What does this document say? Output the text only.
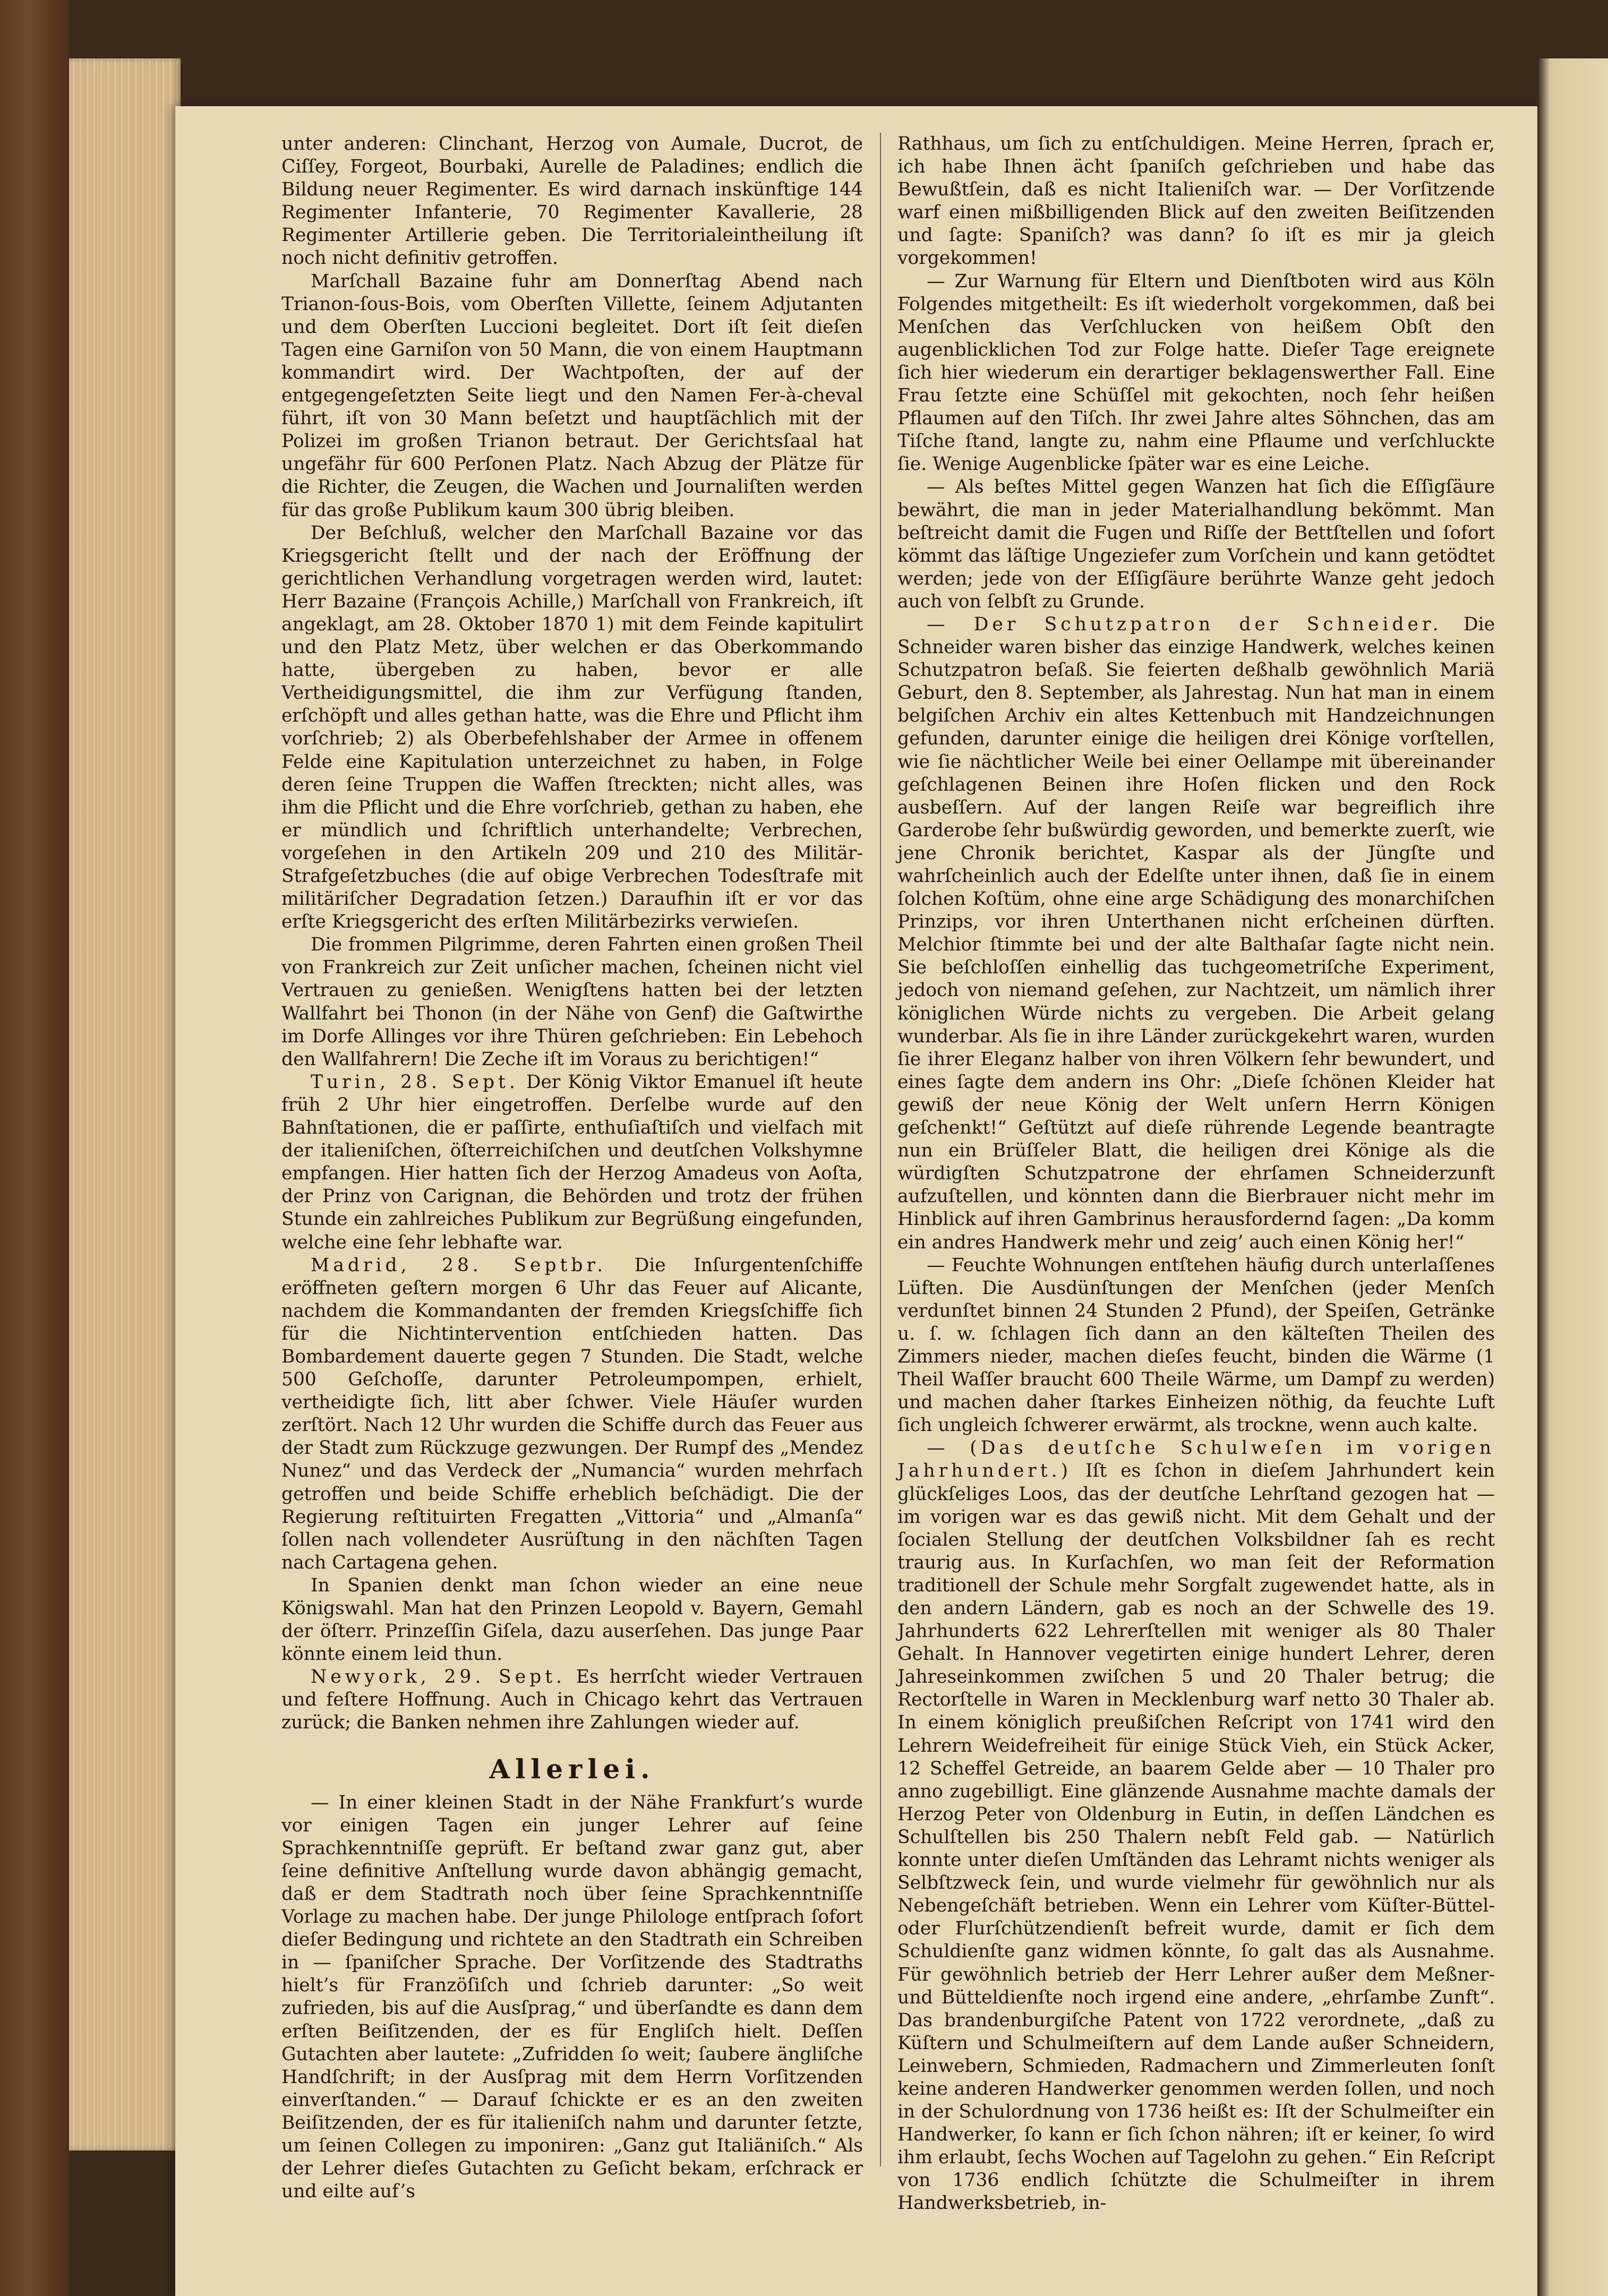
unter anderen: Clinchant, Herzog von Aumale, Ducrot, de Ciſſey, Forgeot, Bourbaki, Aurelle de Paladines; endlich die Bildung neuer Regimenter. Es wird darnach inskünftige 144 Regimenter Infanterie, 70 Regimenter Kavallerie, 28 Regimenter Artillerie geben. Die Territorialeintheilung iſt noch nicht definitiv getroffen.

Marſchall Bazaine fuhr am Donnerſtag Abend nach Trianon-ſous-Bois, vom Oberſten Villette, ſeinem Adjutanten und dem Oberſten Luccioni begleitet. Dort iſt ſeit dieſen Tagen eine Garniſon von 50 Mann, die von einem Hauptmann kommandirt wird. Der Wachtpoſten, der auf der entgegengeſetzten Seite liegt und den Namen Fer-à-cheval führt, iſt von 30 Mann beſetzt und hauptſächlich mit der Polizei im großen Trianon betraut. Der Gerichtsſaal hat ungefähr für 600 Perſonen Platz. Nach Abzug der Plätze für die Richter, die Zeugen, die Wachen und Journaliſten werden für das große Publikum kaum 300 übrig bleiben.

Der Beſchluß, welcher den Marſchall Bazaine vor das Kriegsgericht ſtellt und der nach der Eröffnung der gerichtlichen Verhandlung vorgetragen werden wird, lautet: Herr Bazaine (François Achille,) Marſchall von Frankreich, iſt angeklagt, am 28. Oktober 1870 1) mit dem Feinde kapitulirt und den Platz Metz, über welchen er das Oberkommando hatte, übergeben zu haben, bevor er alle Vertheidigungsmittel, die ihm zur Verfügung ſtanden, erſchöpft und alles gethan hatte, was die Ehre und Pflicht ihm vorſchrieb; 2) als Oberbefehlshaber der Armee in offenem Felde eine Kapitulation unterzeichnet zu haben, in Folge deren ſeine Truppen die Waffen ſtreckten; nicht alles, was ihm die Pflicht und die Ehre vorſchrieb, gethan zu haben, ehe er mündlich und ſchriftlich unterhandelte; Verbrechen, vorgeſehen in den Artikeln 209 und 210 des Militär-Strafgeſetzbuches (die auf obige Verbrechen Todesſtrafe mit militäriſcher Degradation ſetzen.) Daraufhin iſt er vor das erſte Kriegsgericht des erſten Militärbezirks verwieſen.

Die frommen Pilgrimme, deren Fahrten einen großen Theil von Frankreich zur Zeit unſicher machen, ſcheinen nicht viel Vertrauen zu genießen. Wenigſtens hatten bei der letzten Wallfahrt bei Thonon (in der Nähe von Genf) die Gaſtwirthe im Dorfe Allinges vor ihre Thüren geſchrieben: Ein Lebehoch den Wallfahrern! Die Zeche iſt im Voraus zu berichtigen!“

Turin, 28. Sept. Der König Viktor Emanuel iſt heute früh 2 Uhr hier eingetroffen. Derſelbe wurde auf den Bahnſtationen, die er paſſirte, enthuſiaſtiſch und vielfach mit der italieniſchen, öſterreichiſchen und deutſchen Volkshymne empfangen. Hier hatten ſich der Herzog Amadeus von Aoſta, der Prinz von Carignan, die Behörden und trotz der frühen Stunde ein zahlreiches Publikum zur Begrüßung eingefunden, welche eine ſehr lebhafte war.

Madrid, 28. Septbr. Die Inſurgentenſchiffe eröffneten geſtern morgen 6 Uhr das Feuer auf Alicante, nachdem die Kommandanten der fremden Kriegsſchiffe ſich für die Nichtintervention entſchieden hatten. Das Bombardement dauerte gegen 7 Stunden. Die Stadt, welche 500 Geſchoſſe, darunter Petroleumpompen, erhielt, vertheidigte ſich, litt aber ſchwer. Viele Häuſer wurden zerſtört. Nach 12 Uhr wurden die Schiffe durch das Feuer aus der Stadt zum Rückzuge gezwungen. Der Rumpf des „Mendez Nunez“ und das Verdeck der „Numancia“ wurden mehrfach getroffen und beide Schiffe erheblich beſchädigt. Die der Regierung reſtituirten Fregatten „Vittoria“ und „Almanſa“ ſollen nach vollendeter Ausrüſtung in den nächſten Tagen nach Cartagena gehen.

In Spanien denkt man ſchon wieder an eine neue Königswahl. Man hat den Prinzen Leopold v. Bayern, Gemahl der öſterr. Prinzeſſin Giſela, dazu auserſehen. Das junge Paar könnte einem leid thun.

Newyork, 29. Sept. Es herrſcht wieder Vertrauen und feſtere Hoffnung. Auch in Chicago kehrt das Vertrauen zurück; die Banken nehmen ihre Zahlungen wieder auf.

Allerlei.

— In einer kleinen Stadt in der Nähe Frankfurt’s wurde vor einigen Tagen ein junger Lehrer auf ſeine Sprachkenntniſſe geprüft. Er beſtand zwar ganz gut, aber ſeine definitive Anſtellung wurde davon abhängig gemacht, daß er dem Stadtrath noch über ſeine Sprachkenntniſſe Vorlage zu machen habe. Der junge Philologe entſprach ſofort dieſer Bedingung und richtete an den Stadtrath ein Schreiben in — ſpaniſcher Sprache. Der Vorſitzende des Stadtraths hielt’s für Franzöſiſch und ſchrieb darunter: „So weit zufrieden, bis auf die Ausſprag,“ und überſandte es dann dem erſten Beiſitzenden, der es für Engliſch hielt. Deſſen Gutachten aber lautete: „Zufridden ſo weit; ſaubere ängliſche Handſchrift; in der Ausſprag mit dem Herrn Vorſitzenden einverſtanden.“ — Darauf ſchickte er es an den zweiten Beiſitzenden, der es für italieniſch nahm und darunter ſetzte, um ſeinen Collegen zu imponiren: „Ganz gut Italiäniſch.“ Als der Lehrer dieſes Gutachten zu Geſicht bekam, erſchrack er und eilte auf’s

Rathhaus, um ſich zu entſchuldigen. Meine Herren, ſprach er, ich habe Ihnen ächt ſpaniſch geſchrieben und habe das Bewußtſein, daß es nicht Italieniſch war. — Der Vorſitzende warf einen mißbilligenden Blick auf den zweiten Beiſitzenden und ſagte: Spaniſch? was dann? ſo iſt es mir ja gleich vorgekommen!

— Zur Warnung für Eltern und Dienſtboten wird aus Köln Folgendes mitgetheilt: Es iſt wiederholt vorgekommen, daß bei Menſchen das Verſchlucken von heißem Obſt den augenblicklichen Tod zur Folge hatte. Dieſer Tage ereignete ſich hier wiederum ein derartiger beklagenswerther Fall. Eine Frau ſetzte eine Schüſſel mit gekochten, noch ſehr heißen Pflaumen auf den Tiſch. Ihr zwei Jahre altes Söhnchen, das am Tiſche ſtand, langte zu, nahm eine Pflaume und verſchluckte ſie. Wenige Augenblicke ſpäter war es eine Leiche.

— Als beſtes Mittel gegen Wanzen hat ſich die Eſſigſäure bewährt, die man in jeder Materialhandlung bekömmt. Man beſtreicht damit die Fugen und Riſſe der Bettſtellen und ſofort kömmt das läſtige Ungeziefer zum Vorſchein und kann getödtet werden; jede von der Eſſigſäure berührte Wanze geht jedoch auch von ſelbſt zu Grunde.

— Der Schutzpatron der Schneider. Die Schneider waren bisher das einzige Handwerk, welches keinen Schutzpatron beſaß. Sie feierten deßhalb gewöhnlich Mariä Geburt, den 8. September, als Jahrestag. Nun hat man in einem belgiſchen Archiv ein altes Kettenbuch mit Handzeichnungen gefunden, darunter einige die heiligen drei Könige vorſtellen, wie ſie nächtlicher Weile bei einer Oellampe mit übereinander geſchlagenen Beinen ihre Hoſen flicken und den Rock ausbeſſern. Auf der langen Reiſe war begreiflich ihre Garderobe ſehr bußwürdig geworden, und bemerkte zuerſt, wie jene Chronik berichtet, Kaspar als der Jüngſte und wahrſcheinlich auch der Edelſte unter ihnen, daß ſie in einem ſolchen Koſtüm, ohne eine arge Schädigung des monarchiſchen Prinzips, vor ihren Unterthanen nicht erſcheinen dürften. Melchior ſtimmte bei und der alte Balthaſar ſagte nicht nein. Sie beſchloſſen einhellig das tuchgeometriſche Experiment, jedoch von niemand geſehen, zur Nachtzeit, um nämlich ihrer königlichen Würde nichts zu vergeben. Die Arbeit gelang wunderbar. Als ſie in ihre Länder zurückgekehrt waren, wurden ſie ihrer Eleganz halber von ihren Völkern ſehr bewundert, und eines ſagte dem andern ins Ohr: „Dieſe ſchönen Kleider hat gewiß der neue König der Welt unſern Herrn Königen geſchenkt!“ Geſtützt auf dieſe rührende Legende beantragte nun ein Brüſſeler Blatt, die heiligen drei Könige als die würdigſten Schutzpatrone der ehrſamen Schneiderzunft aufzuſtellen, und könnten dann die Bierbrauer nicht mehr im Hinblick auf ihren Gambrinus herausfordernd ſagen: „Da komm ein andres Handwerk mehr und zeig’ auch einen König her!“

— Feuchte Wohnungen entſtehen häufig durch unterlaſſenes Lüften. Die Ausdünſtungen der Menſchen (jeder Menſch verdunſtet binnen 24 Stunden 2 Pfund), der Speiſen, Getränke u. ſ. w. ſchlagen ſich dann an den kälteſten Theilen des Zimmers nieder, machen dieſes feucht, binden die Wärme (1 Theil Waſſer braucht 600 Theile Wärme, um Dampf zu werden) und machen daher ſtarkes Einheizen nöthig, da feuchte Luft ſich ungleich ſchwerer erwärmt, als trockne, wenn auch kalte.

— (Das deutſche Schulweſen im vorigen Jahrhundert.) Iſt es ſchon in dieſem Jahrhundert kein glückſeliges Loos, das der deutſche Lehrſtand gezogen hat — im vorigen war es das gewiß nicht. Mit dem Gehalt und der ſocialen Stellung der deutſchen Volksbildner ſah es recht traurig aus. In Kurſachſen, wo man ſeit der Reformation traditionell der Schule mehr Sorgfalt zugewendet hatte, als in den andern Ländern, gab es noch an der Schwelle des 19. Jahrhunderts 622 Lehrerſtellen mit weniger als 80 Thaler Gehalt. In Hannover vegetirten einige hundert Lehrer, deren Jahreseinkommen zwiſchen 5 und 20 Thaler betrug; die Rectorſtelle in Waren in Mecklenburg warf netto 30 Thaler ab. In einem königlich preußiſchen Reſcript von 1741 wird den Lehrern Weidefreiheit für einige Stück Vieh, ein Stück Acker, 12 Scheffel Getreide, an baarem Gelde aber — 10 Thaler pro anno zugebilligt. Eine glänzende Ausnahme machte damals der Herzog Peter von Oldenburg in Eutin, in deſſen Ländchen es Schulſtellen bis 250 Thalern nebſt Feld gab. — Natürlich konnte unter dieſen Umſtänden das Lehramt nichts weniger als Selbſtzweck ſein, und wurde vielmehr für gewöhnlich nur als Nebengeſchäft betrieben. Wenn ein Lehrer vom Küſter-Büttel- oder Flurſchützendienſt befreit wurde, damit er ſich dem Schuldienſte ganz widmen könnte, ſo galt das als Ausnahme. Für gewöhnlich betrieb der Herr Lehrer außer dem Meßner- und Bütteldienſte noch irgend eine andere, „ehrſambe Zunft“. Das brandenburgiſche Patent von 1722 verordnete, „daß zu Küſtern und Schulmeiſtern auf dem Lande außer Schneidern, Leinwebern, Schmieden, Radmachern und Zimmerleuten ſonſt keine anderen Handwerker genommen werden ſollen, und noch in der Schulordnung von 1736 heißt es: Iſt der Schulmeiſter ein Handwerker, ſo kann er ſich ſchon nähren; iſt er keiner, ſo wird ihm erlaubt, ſechs Wochen auf Tagelohn zu gehen.“ Ein Reſcript von 1736 endlich ſchützte die Schulmeiſter in ihrem Handwerksbetrieb, in-
